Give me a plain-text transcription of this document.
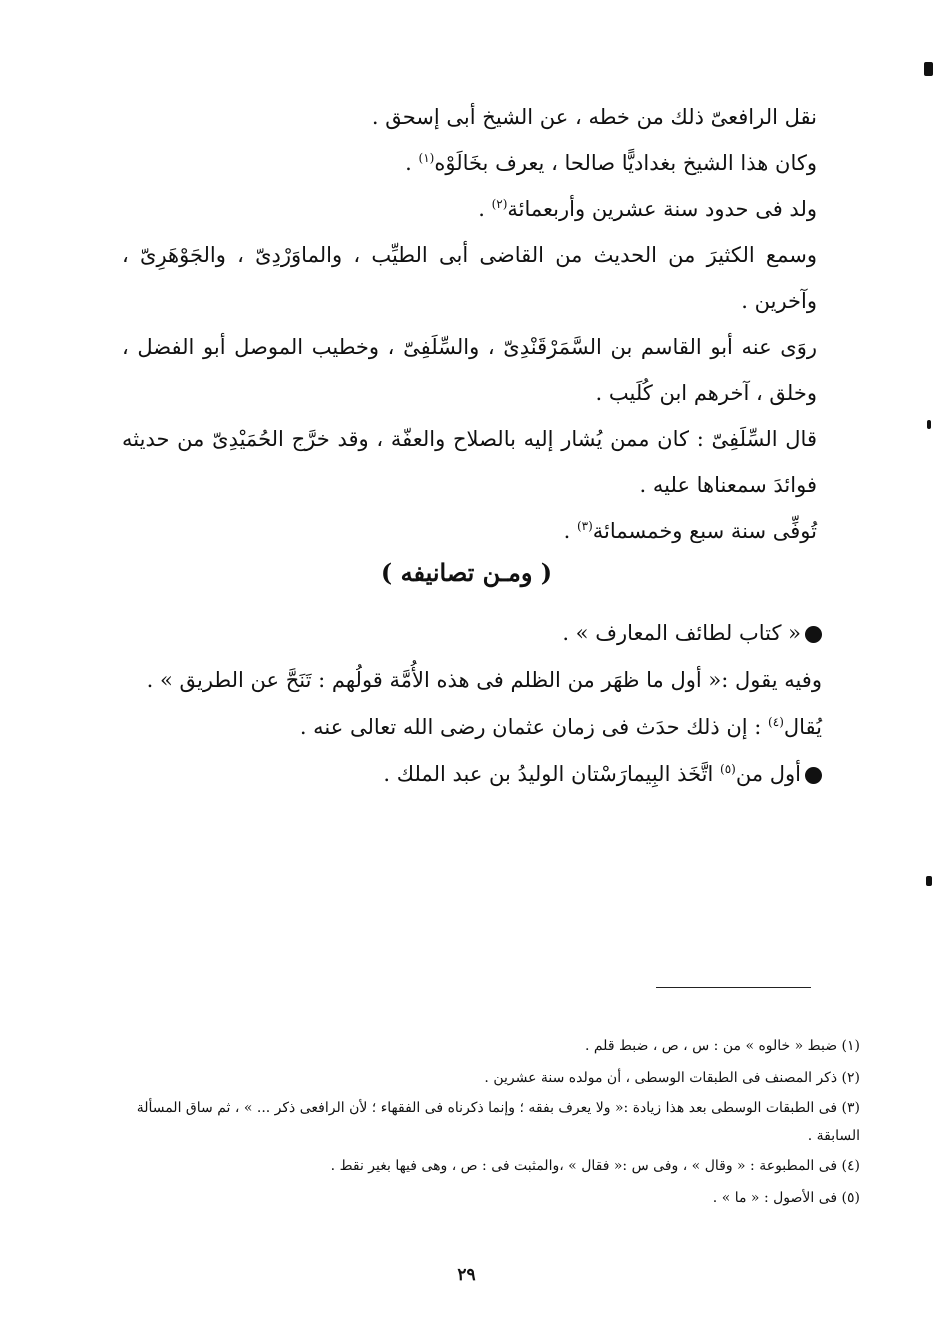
نقل الرافعىّ ذلك من خطه ، عن الشيخ أبى إسحق .

وكان هذا الشيخ بغداديًّا صالحا ، يعرف بخَالَوْه$^{(١)}$ .

ولد فى حدود سنة عشرين وأربعمائة$^{(٢)}$ .

وسمع الكثيرَ من الحديث من القاضى أبى الطيِّب ، والماوَرْدِىّ ، والجَوْهَرِىّ ، وآخرين .

روَى عنه أبو القاسم بن السَّمَرْقَنْدِىّ ، والسِّلَفِىّ ، وخطيب الموصل أبو الفضل ، وخلق ، آخرهم ابن كُلَيب .

قال السِّلَفِىّ : كان ممن يُشار إليه بالصلاح والعفّة ، وقد خرَّج الحُمَيْدِىّ من حديثه فوائدَ سمعناها عليه .

تُوفِّى سنة سبع وخمسمائة$^{(٣)}$ .

( ومـن تصانيفه )

« كتاب لطائف المعارف » .

وفيه يقول :« أول ما ظهَر من الظلم فى هذه الأُمَّة قولُهم : تَنَحَّ عن الطريق » .

يُقال$^{(٤)}$ : إن ذلك حدَث فى زمان عثمان رضى الله تعالى عنه .

أول من$^{(٥)}$ اتَّخَذ البِيمارَسْتان الوليدُ بن عبد الملك .

(١) ضبط « خالوه » من : س ، ص ، ضبط قلم .

(٢) ذكر المصنف فى الطبقات الوسطى ، أن مولده سنة عشرين .

(٣) فى الطبقات الوسطى بعد هذا زيادة :« ولا يعرف بفقه ؛ وإنما ذكرناه فى الفقهاء ؛ لأن الرافعى ذكر ... » ، ثم ساق المسألة السابقة .

(٤) فى المطبوعة : « وقال » ، وفى س :« فقال » ،والمثبت فى : ص ، وهى فيها بغير نقط .

(٥) فى الأصول : « ما » .

٢٩
